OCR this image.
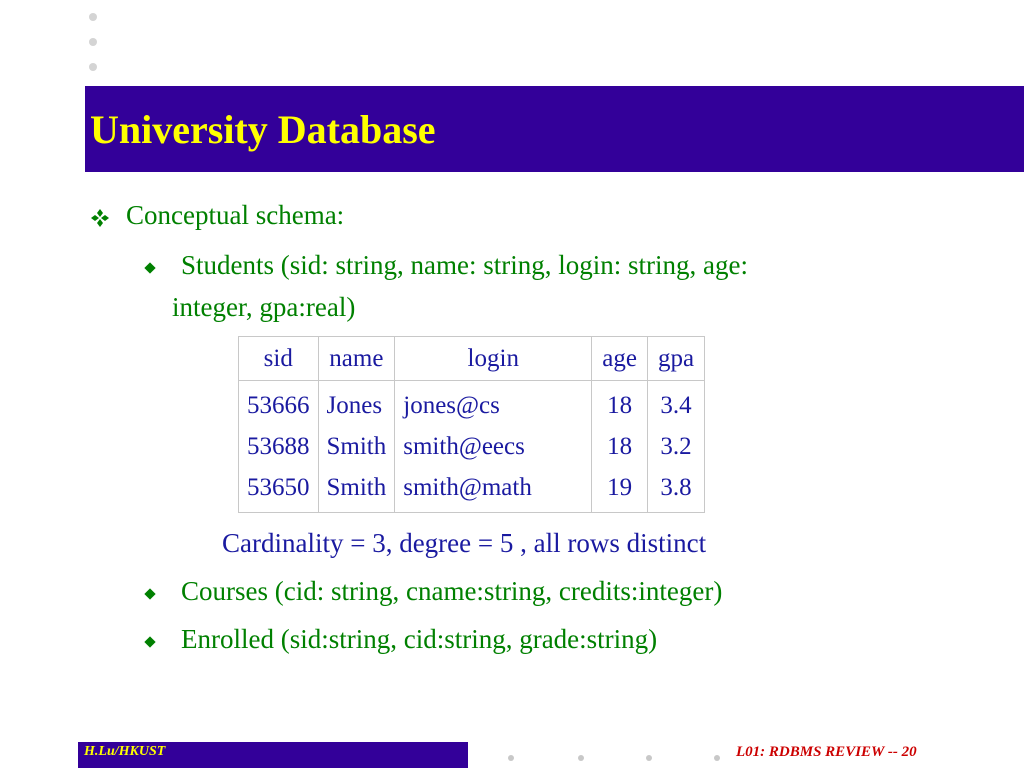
University Database
Conceptual schema:
Students (sid: string, name: string, login: string, age:
integer, gpa:real)
sid	name	login	age	gpa
53666	Jones	jones@cs	18	3.4
53688	Smith	smith@eecs	18	3.2
53650	Smith	smith@math	19	3.8
Cardinality = 3, degree = 5 , all rows distinct
Courses (cid: string, cname:string, credits:integer)
Enrolled (sid:string, cid:string, grade:string)
H.Lu/HKUST	L01: RDBMS REVIEW -- 20
